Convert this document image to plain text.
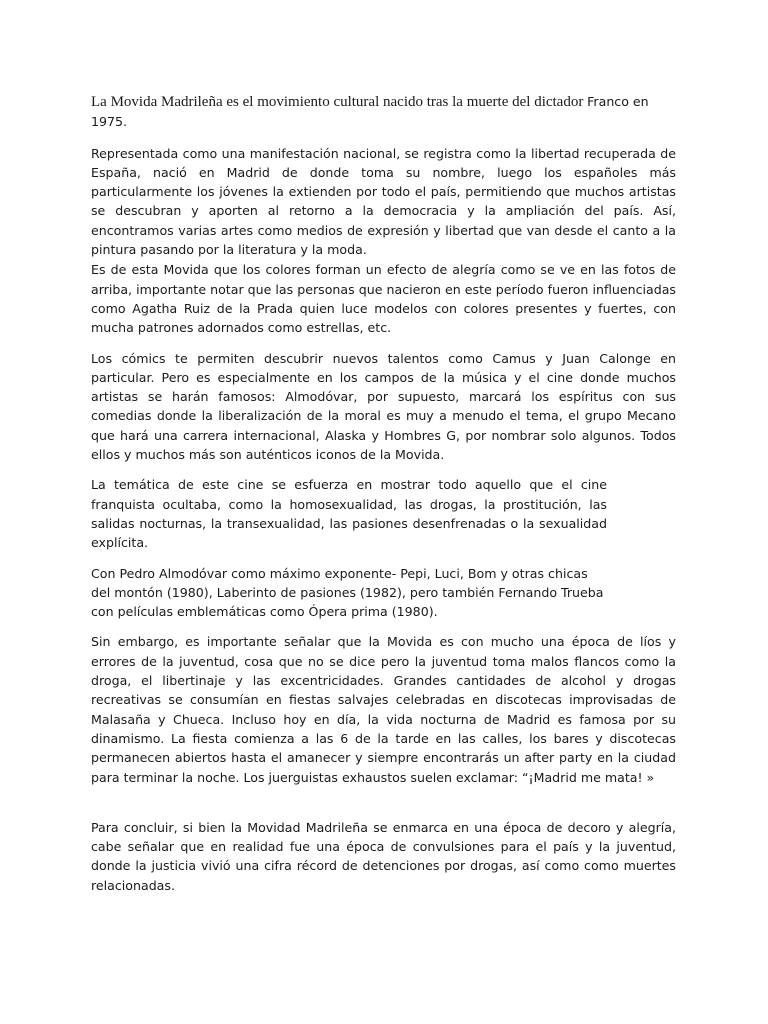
La Movida Madrileña es el movimiento cultural nacido tras la muerte del dictador Franco en 1975.

Representada como una manifestación nacional, se registra como la libertad recuperada de España, nació en Madrid de donde toma su nombre, luego los españoles más particularmente los jóvenes la extienden por todo el país, permitiendo que muchos artistas se descubran y aporten al retorno a la democracia y la ampliación del país. Así, encontramos varias artes como medios de expresión y libertad que van desde el canto a la pintura pasando por la literatura y la moda.

Es de esta Movida que los colores forman un efecto de alegría como se ve en las fotos de arriba, importante notar que las personas que nacieron en este período fueron influenciadas como Agatha Ruiz de la Prada quien luce modelos con colores presentes y fuertes, con mucha patrones adornados como estrellas, etc.

Los cómics te permiten descubrir nuevos talentos como Camus y Juan Calonge en particular. Pero es especialmente en los campos de la música y el cine donde muchos artistas se harán famosos: Almodóvar, por supuesto, marcará los espíritus con sus comedias donde la liberalización de la moral es muy a menudo el tema, el grupo Mecano que hará una carrera internacional, Alaska y Hombres G, por nombrar solo algunos. Todos ellos y muchos más son auténticos iconos de la Movida.

La temática de este cine se esfuerza en mostrar todo aquello que el cine franquista ocultaba, como la homosexualidad, las drogas, la prostitución, las salidas nocturnas, la transexualidad, las pasiones desenfrenadas o la sexualidad explícita.

Con Pedro Almodóvar como máximo exponente- Pepi, Luci, Bom y otras chicas del montón (1980), Laberinto de pasiones (1982), pero también Fernando Trueba con películas emblemáticas como Ópera prima (1980).

Sin embargo, es importante señalar que la Movida es con mucho una época de líos y errores de la juventud, cosa que no se dice pero la juventud toma malos flancos como la droga, el libertinaje y las excentricidades. Grandes cantidades de alcohol y drogas recreativas se consumían en fiestas salvajes celebradas en discotecas improvisadas de Malasaña y Chueca. Incluso hoy en día, la vida nocturna de Madrid es famosa por su dinamismo. La fiesta comienza a las 6 de la tarde en las calles, los bares y discotecas permanecen abiertos hasta el amanecer y siempre encontrarás un after party en la ciudad para terminar la noche. Los juerguistas exhaustos suelen exclamar: “¡Madrid me mata! »

Para concluir, si bien la Movidad Madrileña se enmarca en una época de decoro y alegría, cabe señalar que en realidad fue una época de convulsiones para el país y la juventud, donde la justicia vivió una cifra récord de detenciones por drogas, así como como muertes relacionadas.
